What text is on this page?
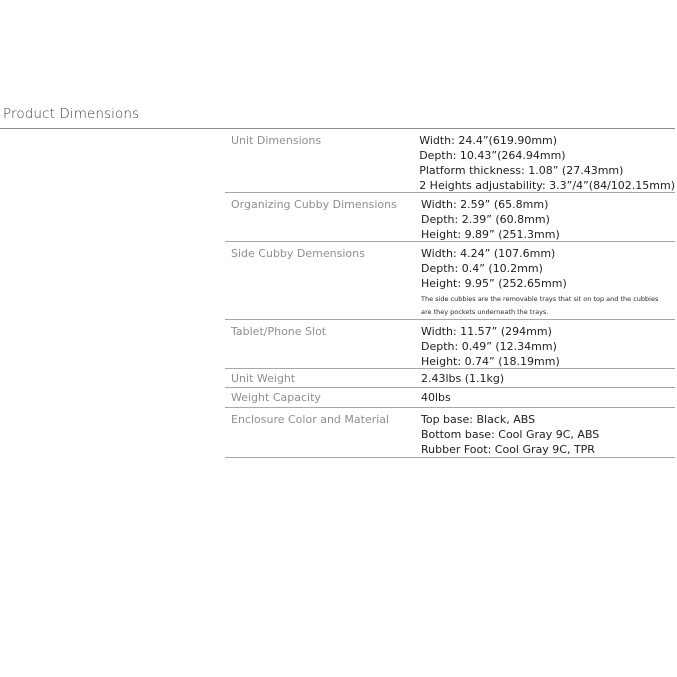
Product Dimensions
Unit Dimensions	Width: 24.4”(619.90mm)
Depth: 10.43”(264.94mm)
Platform thickness: 1.08” (27.43mm)
2 Heights adjustability: 3.3”/4”(84/102.15mm)
Organizing Cubby Dimensions	Width: 2.59” (65.8mm)
Depth: 2.39” (60.8mm)
Height: 9.89” (251.3mm)
Side Cubby Demensions	Width: 4.24” (107.6mm)
Depth: 0.4” (10.2mm)
Height: 9.95” (252.65mm)
The side cubbies are the removable trays that sit on top and the cubbies
are they pockets underneath the trays.
Tablet/Phone Slot	Width: 11.57” (294mm)
Depth: 0.49” (12.34mm)
Height: 0.74” (18.19mm)
Unit Weight	2.43lbs (1.1kg)
Weight Capacity	40lbs
Enclosure Color and Material	Top base: Black, ABS
Bottom base: Cool Gray 9C, ABS
Rubber Foot: Cool Gray 9C, TPR
